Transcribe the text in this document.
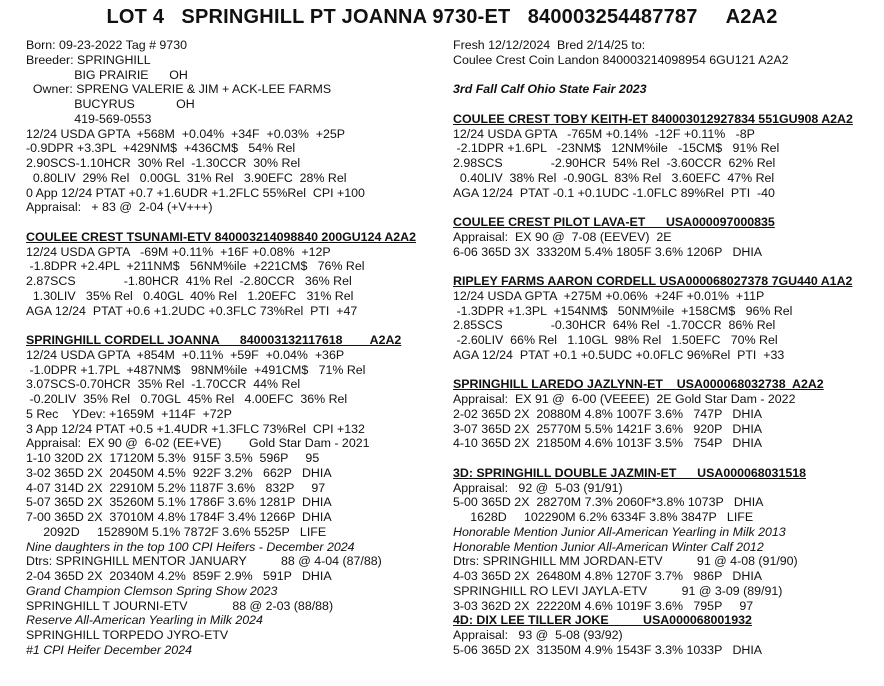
LOT 4   SPRINGHILL PT JOANNA 9730-ET   840003254487787     A2A2
Born: 09-23-2022 Tag # 9730
Breeder: SPRINGHILL
BIG PRAIRIE      OH
Owner: SPRENG VALERIE & JIM + ACK-LEE FARMS
BUCYRUS            OH
419-569-0553
12/24 USDA GPTA  +568M  +0.04%  +34F  +0.03%  +25P
-0.9DPR +3.3PL  +429NM$  +436CM$   54% Rel
2.90SCS-1.10HCR  30% Rel  -1.30CCR  30% Rel
0.80LIV  29% Rel   0.00GL  31% Rel   3.90EFC  28% Rel
0 App 12/24 PTAT +0.7 +1.6UDR +1.2FLC 55%Rel  CPI +100
Appraisal:   + 83 @  2-04 (+V+++)
COULEE CREST TSUNAMI-ETV 840003214098840 200GU124 A2A2
12/24 USDA GPTA   -69M +0.11%  +16F +0.08%  +12P
-1.8DPR +2.4PL  +211NM$   56NM%ile  +221CM$   76% Rel
2.87SCS              -1.80HCR  41% Rel  -2.80CCR   36% Rel
1.30LIV   35% Rel   0.40GL  40% Rel   1.20EFC   31% Rel
AGA 12/24  PTAT +0.6 +1.2UDC +0.3FLC 73%Rel  PTI  +47
SPRINGHILL CORDELL JOANNA      840003132117618        A2A2
12/24 USDA GPTA  +854M  +0.11%  +59F  +0.04%  +36P
-1.0DPR +1.7PL  +487NM$   98NM%ile  +491CM$   71% Rel
3.07SCS-0.70HCR  35% Rel  -1.70CCR  44% Rel
-0.20LIV  35% Rel   0.70GL  45% Rel   4.00EFC  36% Rel
5 Rec    YDev: +1659M  +114F  +72P
3 App 12/24 PTAT +0.5 +1.4UDR +1.3FLC 73%Rel  CPI +132
Appraisal:  EX 90 @  6-02 (EE+VE)        Gold Star Dam - 2021
1-10 320D 2X  17120M 5.3%  915F 3.5%  596P     95
3-02 365D 2X  20450M 4.5%  922F 3.2%   662P   DHIA
4-07 314D 2X  22910M 5.2% 1187F 3.6%   832P     97
5-07 365D 2X  35260M 5.1% 1786F 3.6% 1281P  DHIA
7-00 365D 2X  37010M 4.8% 1784F 3.4% 1266P  DHIA
2092D     152890M 5.1% 7872F 3.6% 5525P   LIFE
Nine daughters in the top 100 CPI Heifers - December 2024
Dtrs: SPRINGHILL MENTOR JANUARY          88 @ 4-04 (87/88)
2-04 365D 2X  20340M 4.2%  859F 2.9%   591P   DHIA
Grand Champion Clemson Spring Show 2023
SPRINGHILL T JOURNI-ETV             88 @ 2-03 (88/88)
Reserve All-American Yearling in Milk 2024
SPRINGHILL TORPEDO JYRO-ETV
#1 CPI Heifer December 2024
Fresh 12/12/2024  Bred 2/14/25 to:
Coulee Crest Coin Landon 840003214098954 6GU121 A2A2
3rd Fall Calf Ohio State Fair 2023
COULEE CREST TOBY KEITH-ET 840003012927834 551GU908 A2A2
12/24 USDA GPTA   -765M +0.14%  -12F +0.11%   -8P
-2.1DPR +1.6PL   -23NM$   12NM%ile   -15CM$   91% Rel
2.98SCS              -2.90HCR  54% Rel  -3.60CCR  62% Rel
0.40LIV  38% Rel  -0.90GL  83% Rel   3.60EFC  47% Rel
AGA 12/24  PTAT -0.1 +0.1UDC -1.0FLC 89%Rel  PTI  -40
COULEE CREST PILOT LAVA-ET      USA000097000835
Appraisal:  EX 90 @  7-08 (EEVEV)  2E
6-06 365D 3X  33320M 5.4% 1805F 3.6% 1206P   DHIA
RIPLEY FARMS AARON CORDELL USA000068027378 7GU440 A1A2
12/24 USDA GPTA  +275M +0.06%  +24F +0.01%  +11P
-1.3DPR +1.3PL  +154NM$   50NM%ile  +158CM$   96% Rel
2.85SCS              -0.30HCR  64% Rel  -1.70CCR  86% Rel
-2.60LIV  66% Rel   1.10GL  98% Rel   1.50EFC   70% Rel
AGA 12/24  PTAT +0.1 +0.5UDC +0.0FLC 96%Rel  PTI  +33
SPRINGHILL LAREDO JAZLYNN-ET    USA000068032738  A2A2
Appraisal:  EX 91 @  6-00 (VEEEE)  2E Gold Star Dam - 2022
2-02 365D 2X  20880M 4.8% 1007F 3.6%   747P   DHIA
3-07 365D 2X  25770M 5.5% 1421F 3.6%   920P   DHIA
4-10 365D 2X  21850M 4.6% 1013F 3.5%   754P   DHIA
3D: SPRINGHILL DOUBLE JAZMIN-ET      USA000068031518
Appraisal:   92 @  5-03 (91/91)
5-00 365D 2X  28270M 7.3% 2060F*3.8% 1073P   DHIA
1628D     102290M 6.2% 6334F 3.8% 3847P   LIFE
Honorable Mention Junior All-American Yearling in Milk 2013
Honorable Mention Junior All-American Winter Calf 2012
Dtrs: SPRINGHILL MM JORDAN-ETV          91 @ 4-08 (91/90)
4-03 365D 2X  26480M 4.8% 1270F 3.7%   986P   DHIA
SPRINGHILL RO LEVI JAYLA-ETV          91 @ 3-09 (89/91)
3-03 362D 2X  22220M 4.6% 1019F 3.6%   795P     97
4D: DIX LEE TILLER JOKE          USA000068001932
Appraisal:   93 @  5-08 (93/92)
5-06 365D 2X  31350M 4.9% 1543F 3.3% 1033P   DHIA
